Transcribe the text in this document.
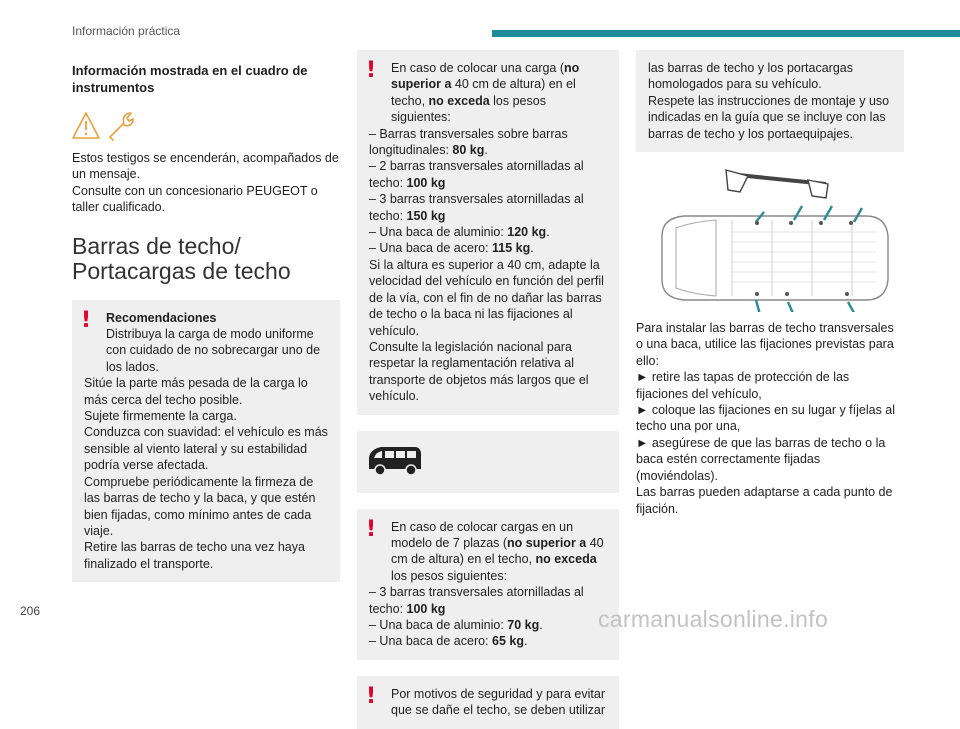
Información práctica
Información mostrada en el cuadro de instrumentos
Estos testigos se encenderán, acompañados de un mensaje.
Consulte con un concesionario PEUGEOT o taller cualificado.
Barras de techo/
Portacargas de techo
!	Recomendaciones
Distribuya la carga de modo uniforme con cuidado de no sobrecargar uno de los lados.
Sitúe la parte más pesada de la carga lo más cerca del techo posible.
Sujete firmemente la carga.
Conduzca con suavidad: el vehículo es más sensible al viento lateral y su estabilidad podría verse afectada.
Compruebe periódicamente la firmeza de las barras de techo y la baca, y que estén bien fijadas, como mínimo antes de cada viaje.
Retire las barras de techo una vez haya finalizado el transporte.
!	En caso de colocar una carga (no superior a 40 cm de altura) en el techo, no exceda los pesos siguientes:
– Barras transversales sobre barras longitudinales: 80 kg.
– 2 barras transversales atornilladas al techo: 100 kg
– 3 barras transversales atornilladas al techo: 150 kg
– Una baca de aluminio: 120 kg.
– Una baca de acero: 115 kg.
Si la altura es superior a 40 cm, adapte la velocidad del vehículo en función del perfil de la vía, con el fin de no dañar las barras de techo o la baca ni las fijaciones al vehículo.
Consulte la legislación nacional para respetar la reglamentación relativa al transporte de objetos más largos que el vehículo.
!	En caso de colocar cargas en un modelo de 7 plazas (no superior a 40 cm de altura) en el techo, no exceda los pesos siguientes:
– 3 barras transversales atornilladas al techo: 100 kg
– Una baca de aluminio: 70 kg.
– Una baca de acero: 65 kg.
!	Por motivos de seguridad y para evitar que se dañe el techo, se deben utilizar
las barras de techo y los portacargas homologados para su vehículo.
Respete las instrucciones de montaje y uso indicadas en la guía que se incluye con las barras de techo y los portaequipajes.
Para instalar las barras de techo transversales o una baca, utilice las fijaciones previstas para ello:
► retire las tapas de protección de las fijaciones del vehículo,
► coloque las fijaciones en su lugar y fíjelas al techo una por una,
► asegúrese de que las barras de techo o la baca estén correctamente fijadas (moviéndolas).
Las barras pueden adaptarse a cada punto de fijación.
206	carmanualsonline.info
